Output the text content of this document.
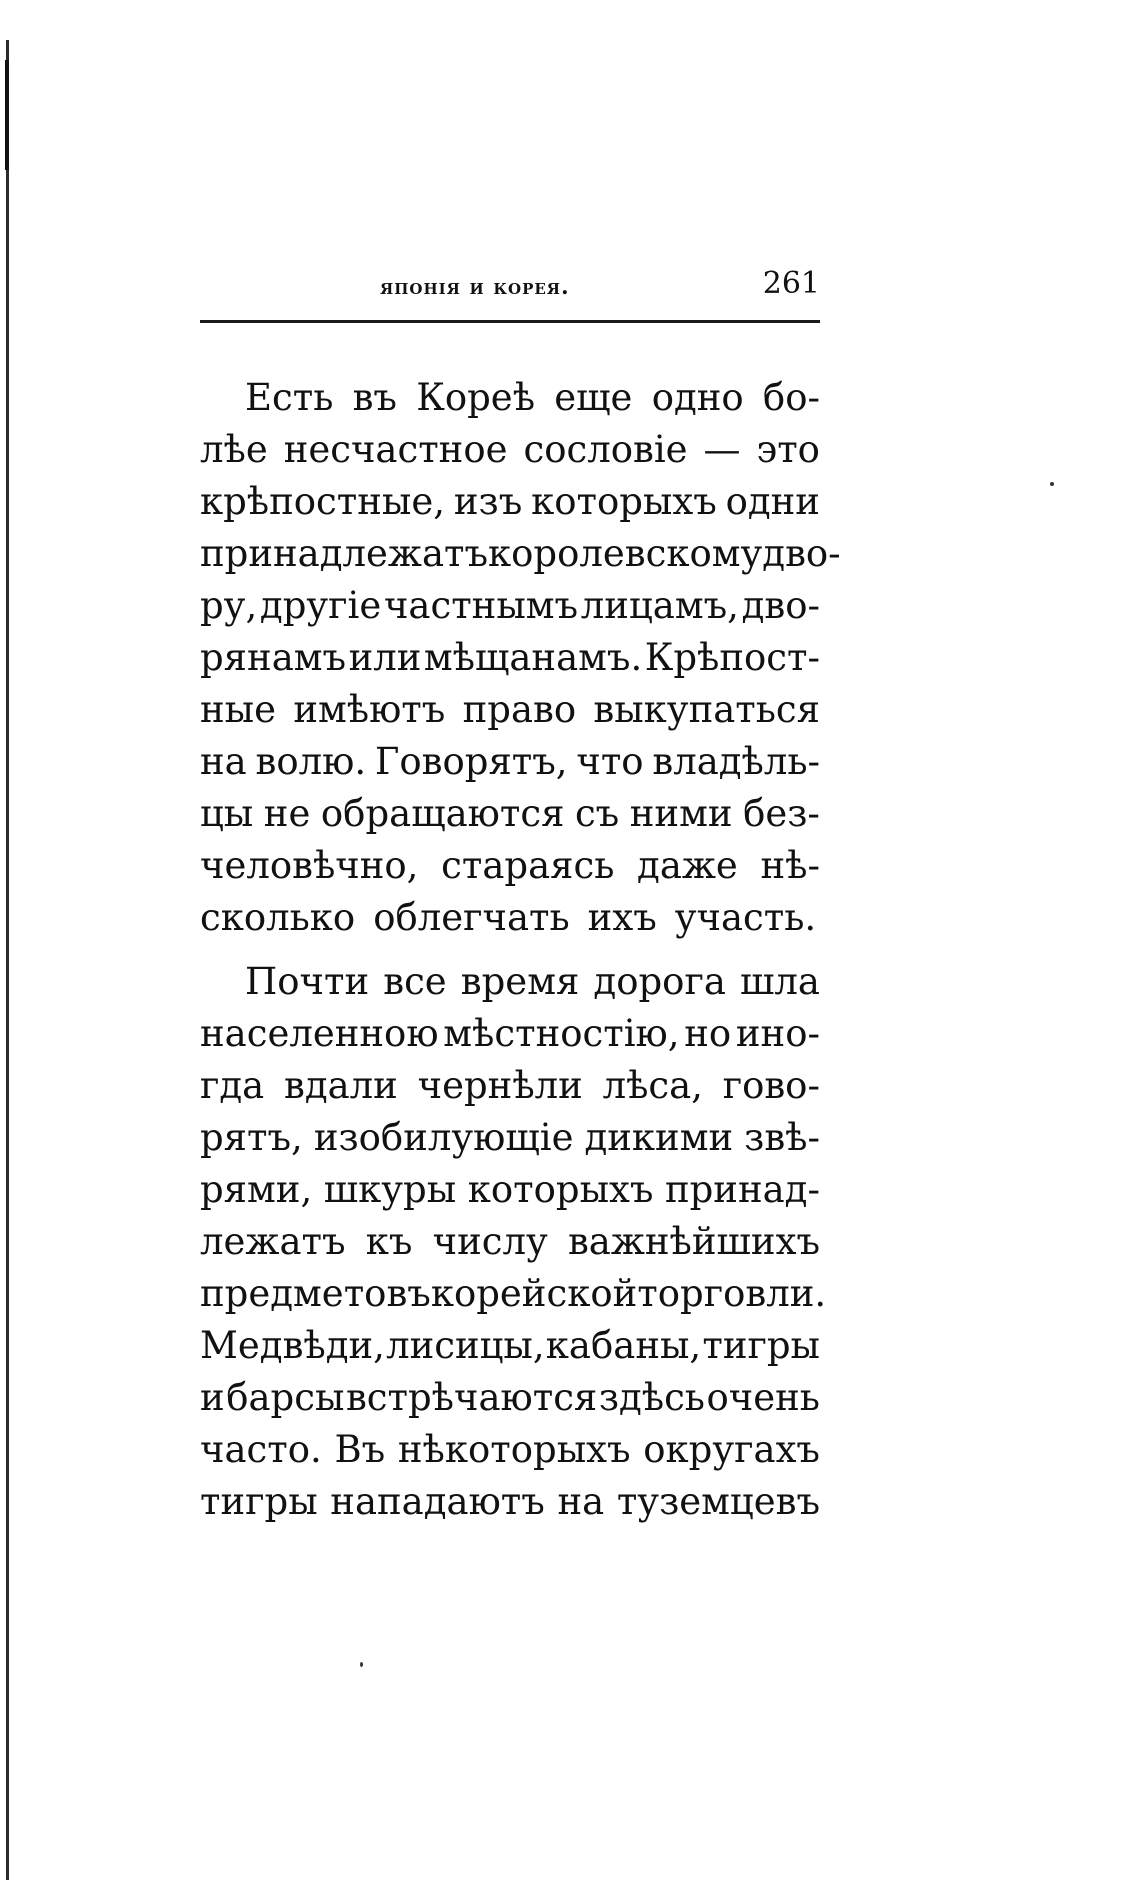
японія и корея.	261
Есть въ Кореѣ еще одно бо-
лѣе несчастное сословіе — это
крѣпостные, изъ которыхъ одни
принадлежатъ королевскому дво-
ру, другіе частнымъ лицамъ, дво-
рянамъ или мѣщанамъ. Крѣпост-
ные имѣютъ право выкупаться
на волю. Говорятъ, что владѣль-
цы не обращаются съ ними без-
человѣчно, стараясь даже нѣ-
сколько облегчать ихъ участь.
Почти все время дорога шла
населенною мѣстностію, но ино-
гда вдали чернѣли лѣса, гово-
рятъ, изобилующіе дикими звѣ-
рями, шкуры которыхъ принад-
лежатъ къ числу важнѣйшихъ
предметовъ корейской торговли.
Медвѣди, лисицы, кабаны, тигры
и барсы встрѣчаются здѣсь очень
часто. Въ нѣкоторыхъ округахъ
тигры нападаютъ на туземцевъ
